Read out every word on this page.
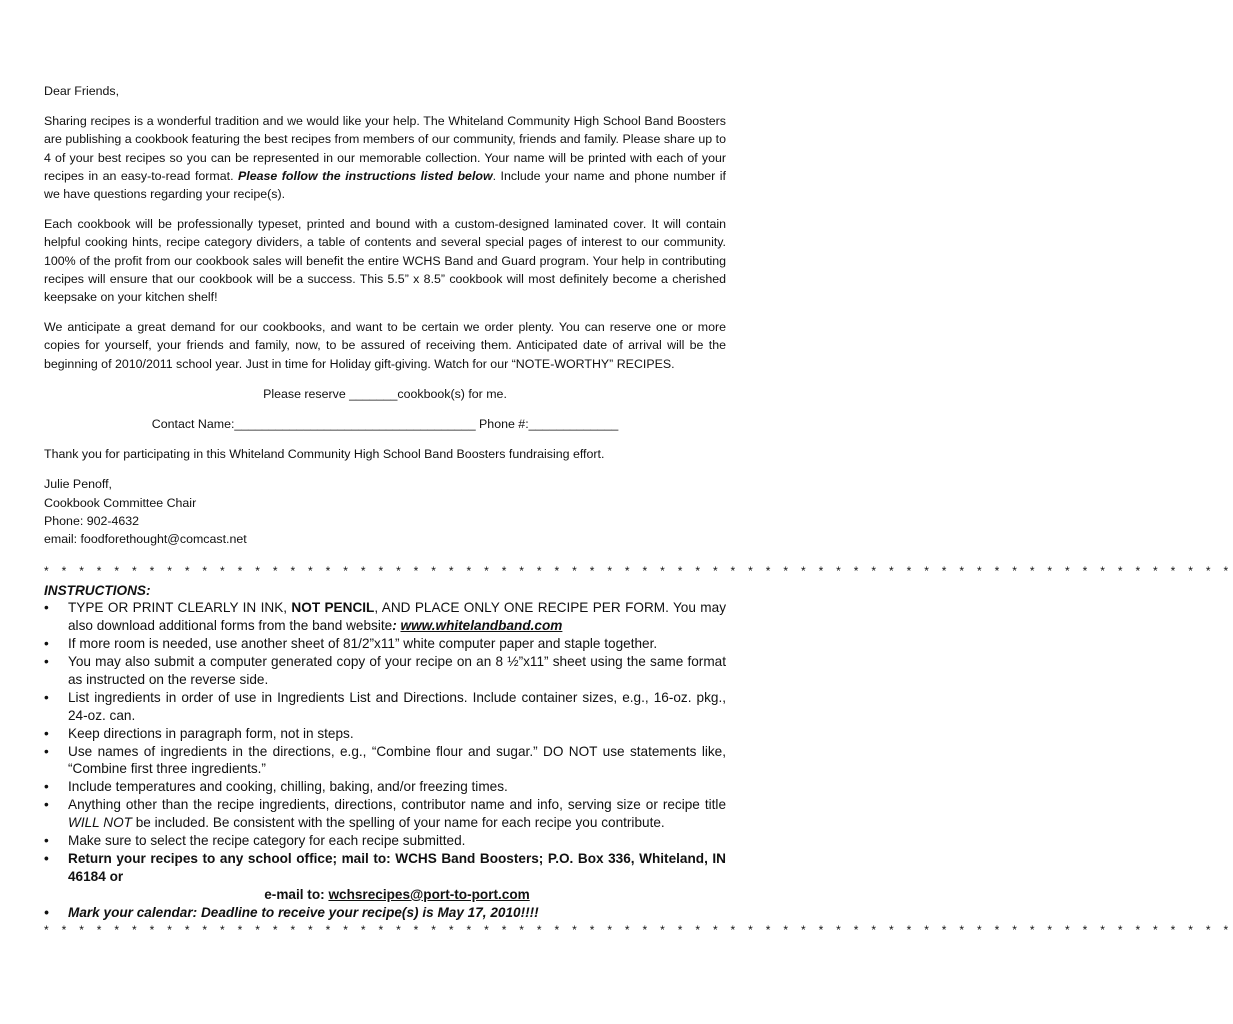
Dear Friends,

Sharing recipes is a wonderful tradition and we would like your help. The Whiteland Community High School Band Boosters are publishing a cookbook featuring the best recipes from members of our community, friends and family. Please share up to 4 of your best recipes so you can be represented in our memorable collection. Your name will be printed with each of your recipes in an easy-to-read format. Please follow the instructions listed below. Include your name and phone number if we have questions regarding your recipe(s).

Each cookbook will be professionally typeset, printed and bound with a custom-designed laminated cover. It will contain helpful cooking hints, recipe category dividers, a table of contents and several special pages of interest to our community. 100% of the profit from our cookbook sales will benefit the entire WCHS Band and Guard program. Your help in contributing recipes will ensure that our cookbook will be a success. This 5.5” x 8.5” cookbook will most definitely become a cherished keepsake on your kitchen shelf!

We anticipate a great demand for our cookbooks, and want to be certain we order plenty. You can reserve one or more copies for yourself, your friends and family, now, to be assured of receiving them. Anticipated date of arrival will be the beginning of 2010/2011 school year. Just in time for Holiday gift-giving. Watch for our “NOTE-WORTHY” RECIPES.

Please reserve _______cookbook(s) for me.

Contact Name:___________________________________ Phone #:_____________

Thank you for participating in this Whiteland Community High School Band Boosters fundraising effort.

Julie Penoff,

Cookbook Committee Chair

Phone: 902-4632

email: foodforethought@comcast.net

* * * * * * * * * * * * * * * * * * * * * * * * * * * * * * * * * * * * * * * * * * * * * * * * * * * * * * * * * * * * * * * * * * * *
INSTRUCTIONS:
• TYPE OR PRINT CLEARLY IN INK, NOT PENCIL, AND PLACE ONLY ONE RECIPE PER FORM. You may also download additional forms from the band website: www.whitelandband.com
• If more room is needed, use another sheet of 81/2”x11” white computer paper and staple together.
• You may also submit a computer generated copy of your recipe on an 8 ½”x11” sheet using the same format as instructed on the reverse side.
• List ingredients in order of use in Ingredients List and Directions. Include container sizes, e.g., 16-oz. pkg., 24-oz. can.
• Keep directions in paragraph form, not in steps.
• Use names of ingredients in the directions, e.g., “Combine flour and sugar.” DO NOT use statements like, “Combine first three ingredients.”
• Include temperatures and cooking, chilling, baking, and/or freezing times.
• Anything other than the recipe ingredients, directions, contributor name and info, serving size or recipe title WILL NOT be included. Be consistent with the spelling of your name for each recipe you contribute.
• Make sure to select the recipe category for each recipe submitted.
• Return your recipes to any school office; mail to: WCHS Band Boosters; P.O. Box 336, Whiteland, IN 46184 or
e-mail to: wchsrecipes@port-to-port.com
• Mark your calendar: Deadline to receive your recipe(s) is May 17, 2010!!!!
* * * * * * * * * * * * * * * * * * * * * * * * * * * * * * * * * * * * * * * * * * * * * * * * * * * * * * * * * * * * * * * * * * * *
